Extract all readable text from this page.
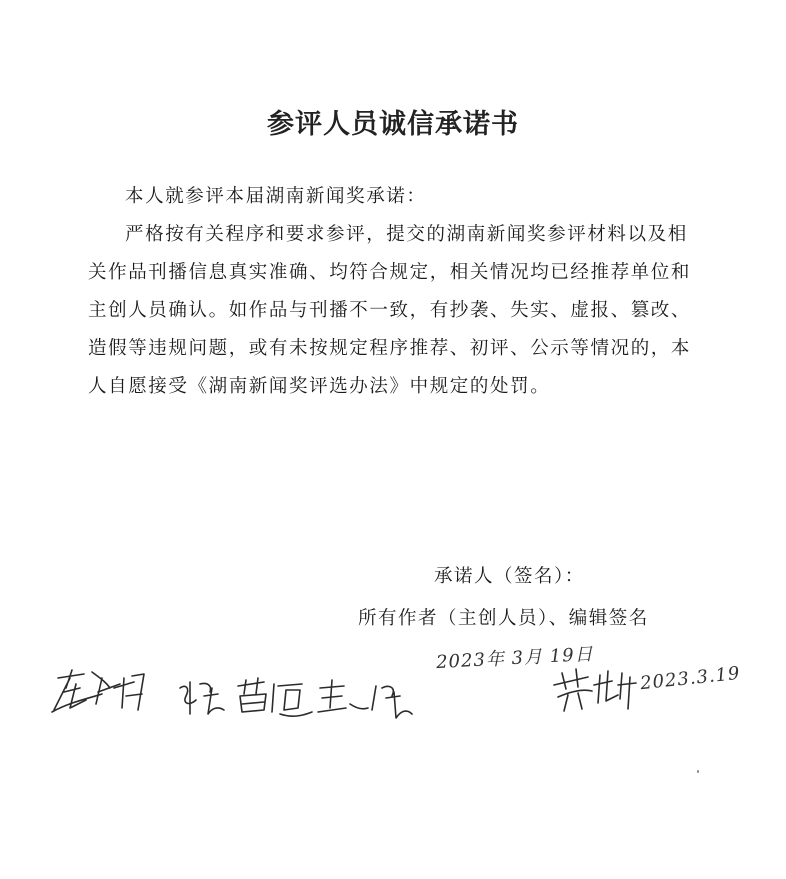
参评人员诚信承诺书

本人就参评本届湖南新闻奖承诺：

严格按有关程序和要求参评，提交的湖南新闻奖参评材料以及相关作品刊播信息真实准确、均符合规定，相关情况均已经推荐单位和主创人员确认。如作品与刊播不一致，有抄袭、失实、虚报、篡改、造假等违规问题，或有未按规定程序推荐、初评、公示等情况的，本人自愿接受《湖南新闻奖评选办法》中规定的处罚。

承诺人（签名）：
所有作者（主创人员）、编辑签名
2023年 3月 19日
2023.3.19
